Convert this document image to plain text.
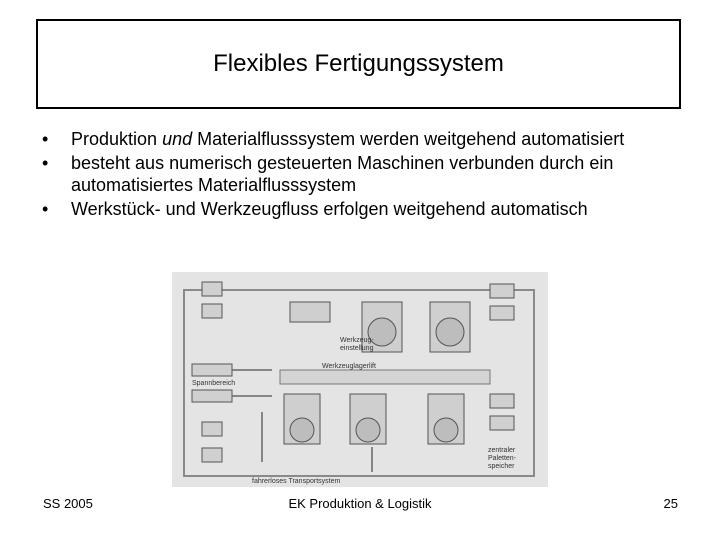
Flexibles Fertigungssystem
• Produktion und Materialflusssystem werden weitgehend automatisiert
• besteht aus numerisch gesteuerten Maschinen verbunden durch ein automatisiertes Materialflusssystem
• Werkstück- und Werkzeugfluss erfolgen weitgehend automatisch
Werkzeug-
einstellung
Werkzeuglagerlift
Spannbereich
zentraler
Paletten-
speicher
fahrerloses Transportsystem
SS 2005	EK Produktion & Logistik	25
